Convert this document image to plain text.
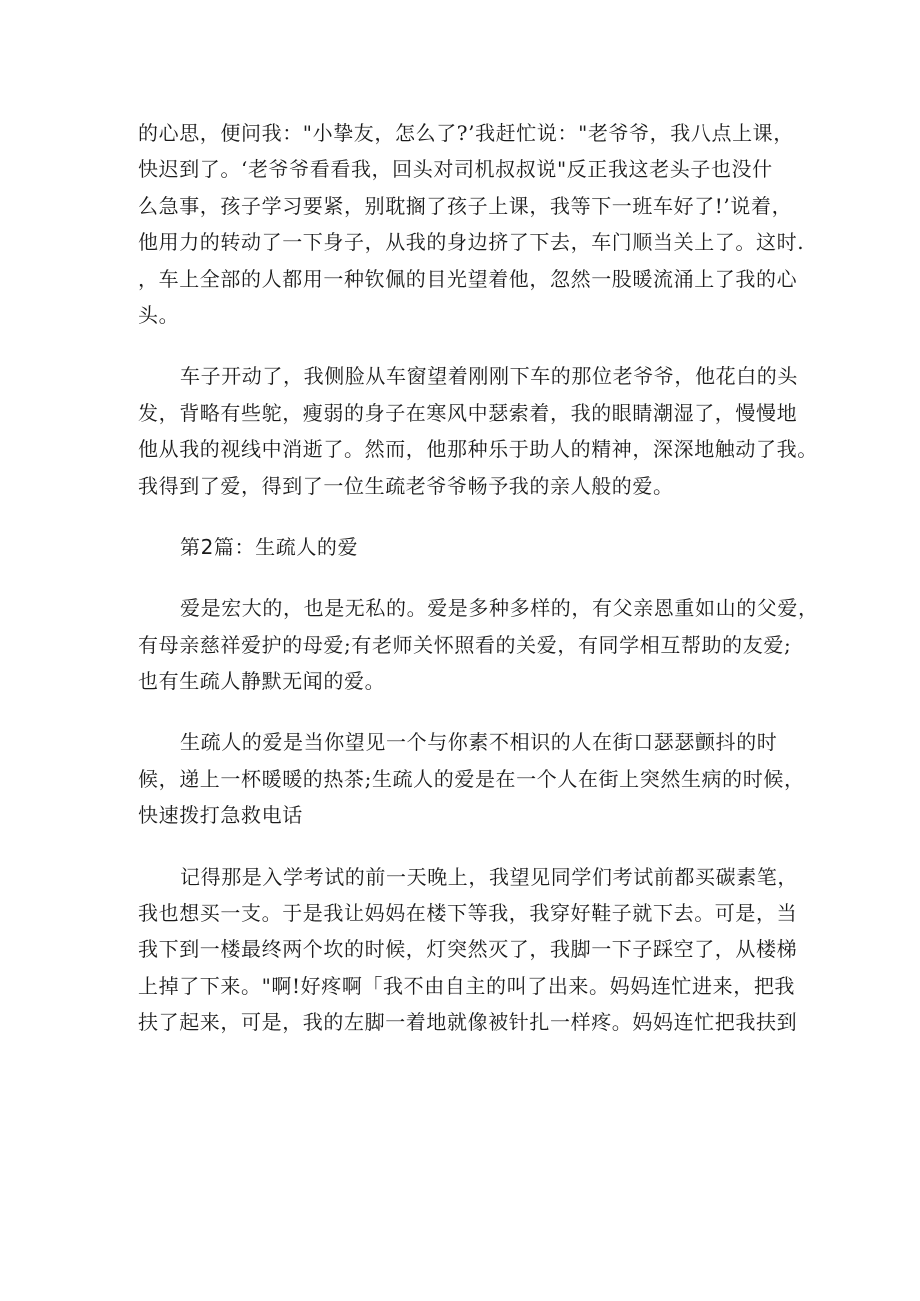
的心思，便问我："小挚友，怎么了?’我赶忙说："老爷爷，我八点上课，
快迟到了。‘老爷爷看看我，回头对司机叔叔说"反正我这老头子也没什
么急事，孩子学习要紧，别耽搁了孩子上课，我等下一班车好了!’说着，
他用力的转动了一下身子，从我的身边挤了下去，车门顺当关上了。这时.
，车上全部的人都用一种钦佩的目光望着他，忽然一股暖流涌上了我的心
头。
车子开动了，我侧脸从车窗望着刚刚下车的那位老爷爷，他花白的头
发，背略有些鸵，瘦弱的身子在寒风中瑟索着，我的眼睛潮湿了，慢慢地
他从我的视线中消逝了。然而，他那种乐于助人的精神，深深地触动了我。
我得到了爱，得到了一位生疏老爷爷畅予我的亲人般的爱。
第2篇：生疏人的爱
爱是宏大的，也是无私的。爱是多种多样的，有父亲恩重如山的父爱，
有母亲慈祥爱护的母爱;有老师关怀照看的关爱，有同学相互帮助的友爱;
也有生疏人静默无闻的爱。
生疏人的爱是当你望见一个与你素不相识的人在街口瑟瑟颤抖的时
候，递上一杯暖暖的热茶;生疏人的爱是在一个人在街上突然生病的时候，
快速拨打急救电话
记得那是入学考试的前一天晚上，我望见同学们考试前都买碳素笔，
我也想买一支。于是我让妈妈在楼下等我，我穿好鞋子就下去。可是，当
我下到一楼最终两个坎的时候，灯突然灭了，我脚一下子踩空了，从楼梯
上掉了下来。"啊!好疼啊「我不由自主的叫了出来。妈妈连忙进来，把我
扶了起来，可是，我的左脚一着地就像被针扎一样疼。妈妈连忙把我扶到
